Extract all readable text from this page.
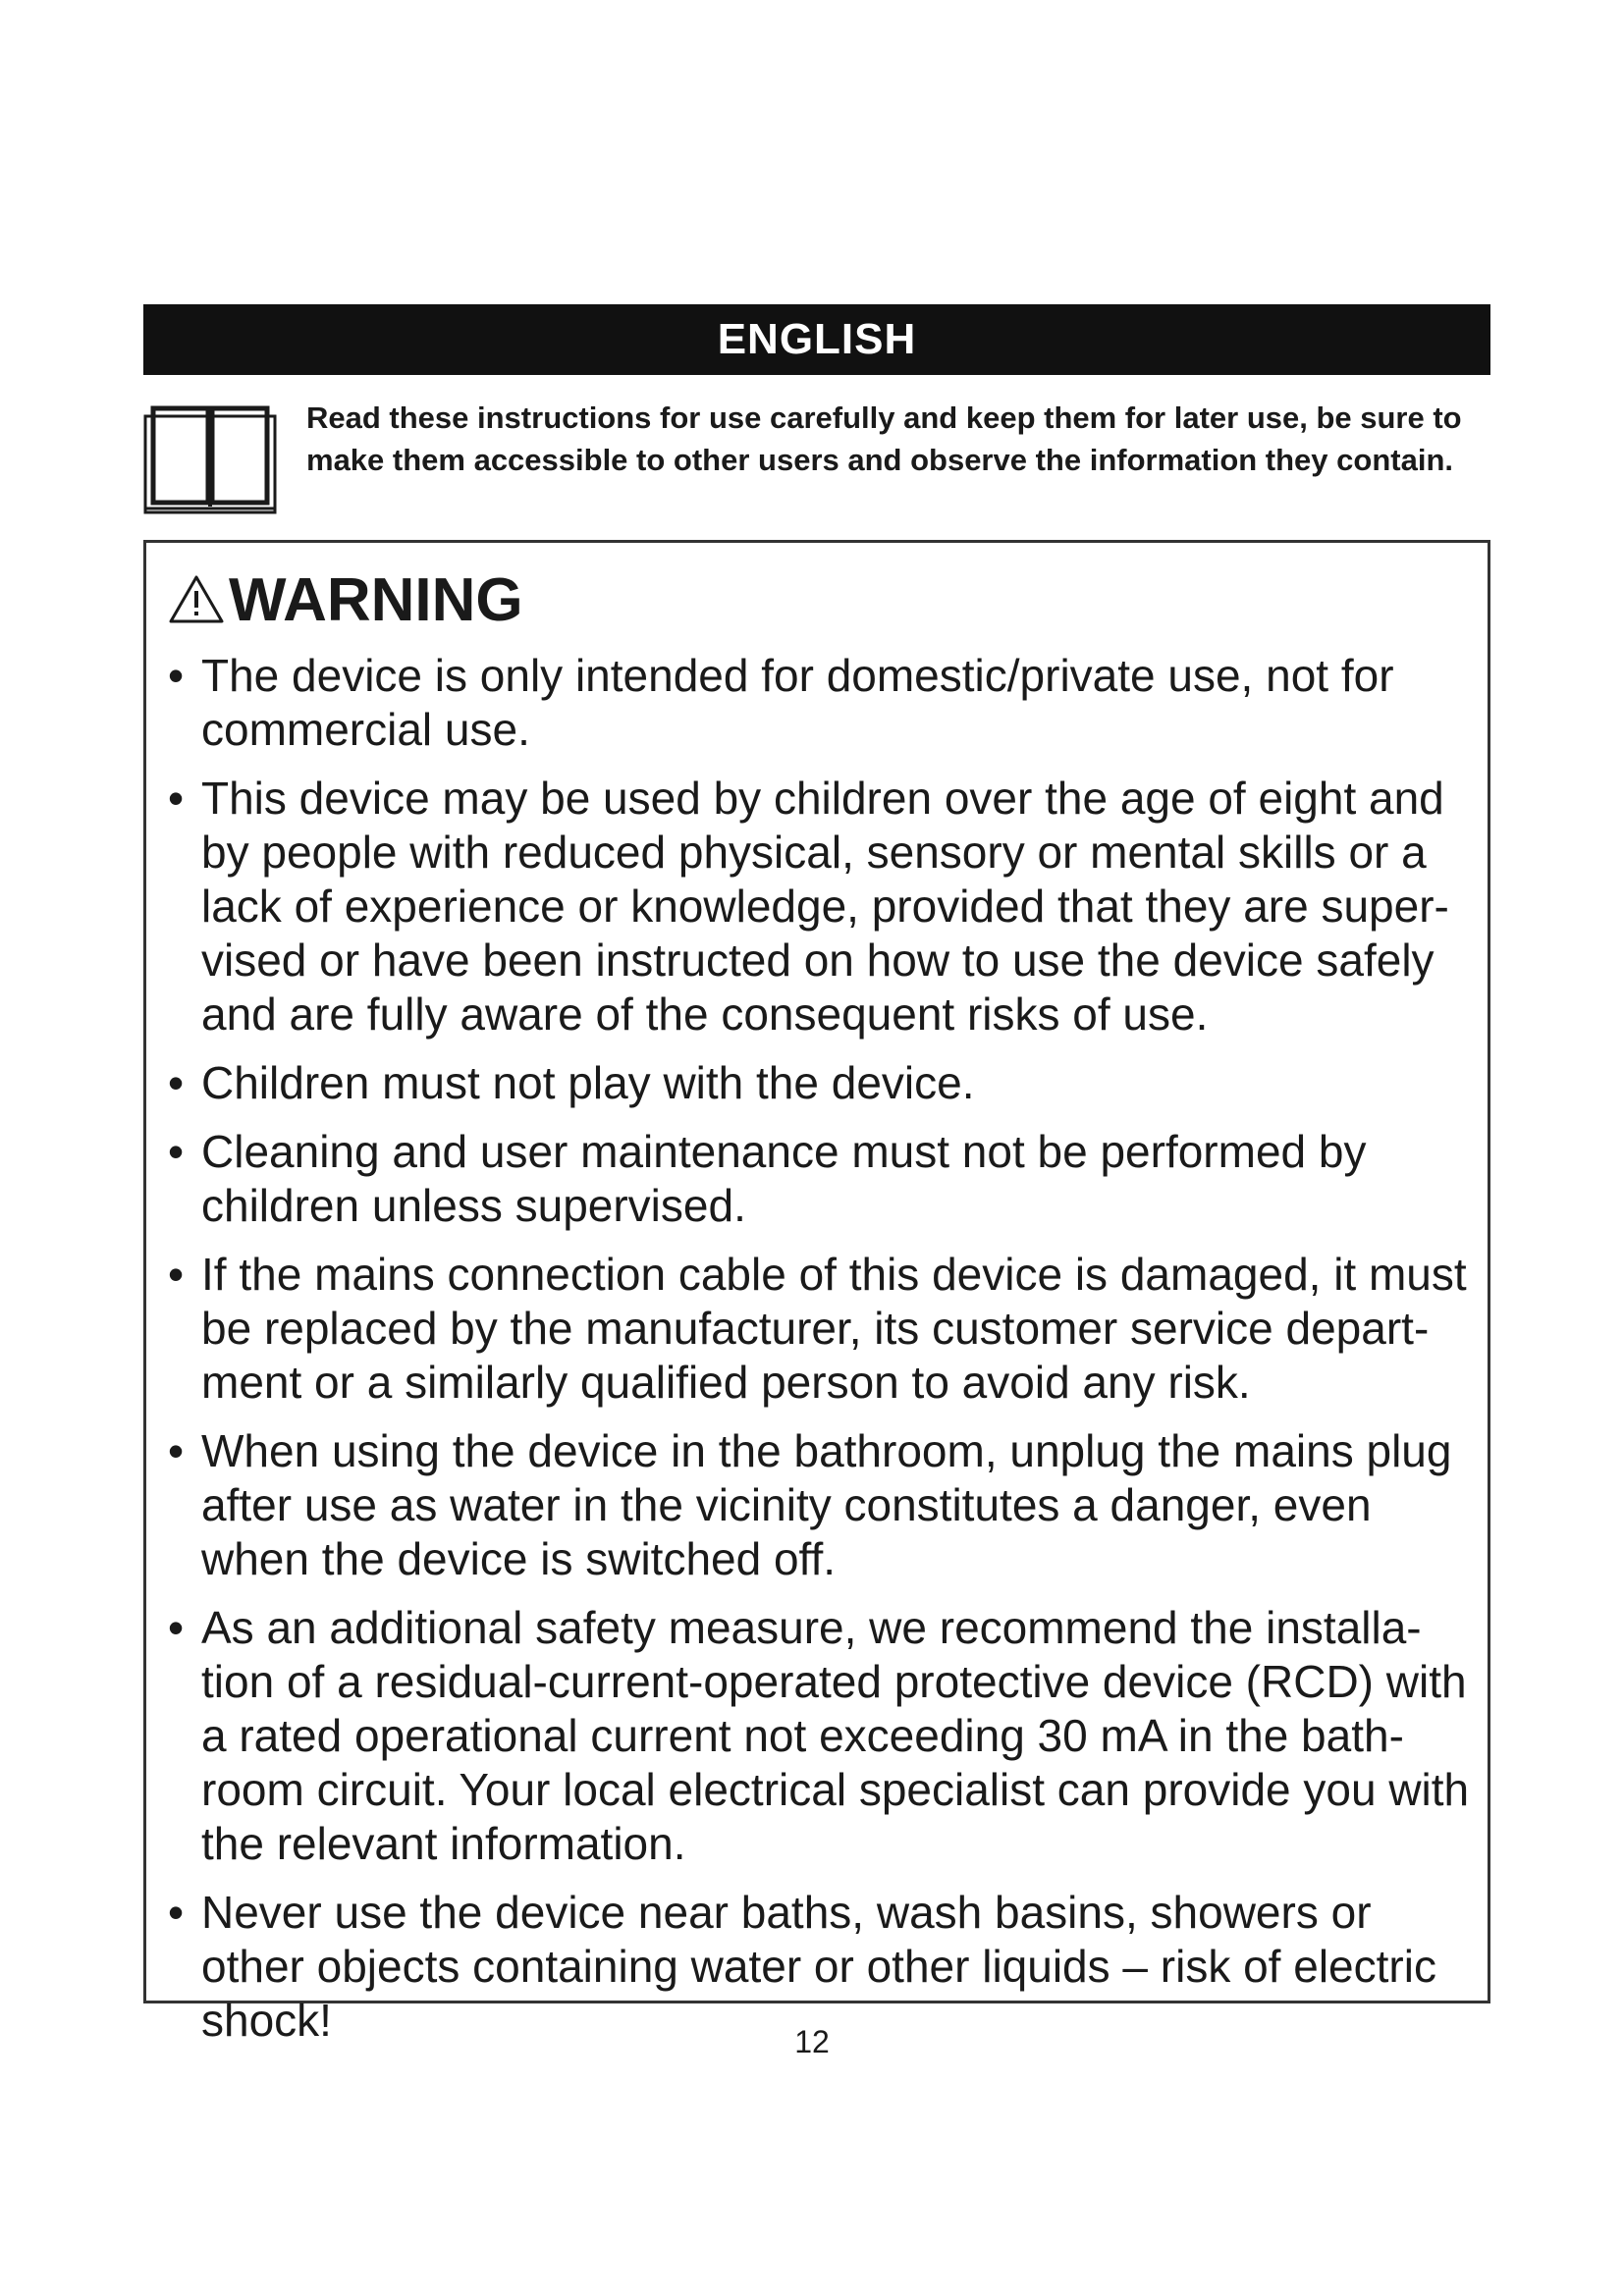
ENGLISH
Read these instructions for use carefully and keep them for later use, be sure to make them accessible to other users and observe the information they contain.
WARNING
• The device is only intended for domestic/private use, not for commercial use.
• This device may be used by children over the age of eight and by people with reduced physical, sensory or mental skills or a lack of experience or knowledge, provided that they are super-vised or have been instructed on how to use the device safely and are fully aware of the consequent risks of use.
• Children must not play with the device.
• Cleaning and user maintenance must not be performed by children unless supervised.
• If the mains connection cable of this device is damaged, it must be replaced by the manufacturer, its customer service depart-ment or a similarly qualified person to avoid any risk.
• When using the device in the bathroom, unplug the mains plug after use as water in the vicinity constitutes a danger, even when the device is switched off.
• As an additional safety measure, we recommend the installa-tion of a residual-current-operated protective device (RCD) with a rated operational current not exceeding 30 mA in the bath-room circuit. Your local electrical specialist can provide you with the relevant information.
• Never use the device near baths, wash basins, showers or other objects containing water or other liquids – risk of electric shock!	12
